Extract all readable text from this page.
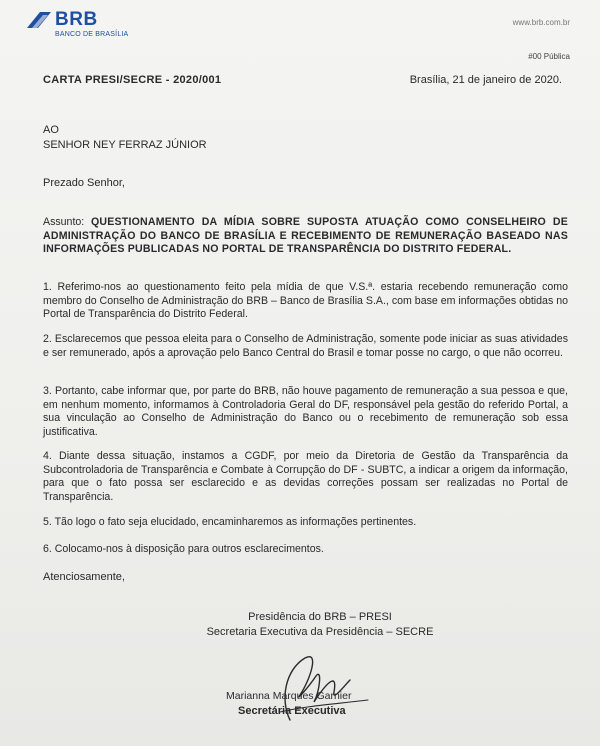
BRB
BANCO DE BRASÍLIA
www.brb.com.br
#00 Pública
CARTA PRESI/SECRE - 2020/001	Brasília, 21 de janeiro de 2020.
AO
SENHOR NEY FERRAZ JÚNIOR
Prezado Senhor,
Assunto: QUESTIONAMENTO DA MÍDIA SOBRE SUPOSTA ATUAÇÃO COMO CONSELHEIRO DE ADMINISTRAÇÃO DO BANCO DE BRASÍLIA E RECEBIMENTO DE REMUNERAÇÃO BASEADO NAS INFORMAÇÕES PUBLICADAS NO PORTAL DE TRANSPARÊNCIA DO DISTRITO FEDERAL.
1. Referimo-nos ao questionamento feito pela mídia de que V.S.ª. estaria recebendo remuneração como membro do Conselho de Administração do BRB – Banco de Brasília S.A., com base em informações obtidas no Portal de Transparência do Distrito Federal.
2. Esclarecemos que pessoa eleita para o Conselho de Administração, somente pode iniciar as suas atividades e ser remunerado, após a aprovação pelo Banco Central do Brasil e tomar posse no cargo, o que não ocorreu.
3. Portanto, cabe informar que, por parte do BRB, não houve pagamento de remuneração a sua pessoa e que, em nenhum momento, informamos à Controladoria Geral do DF, responsável pela gestão do referido Portal, a sua vinculação ao Conselho de Administração do Banco ou o recebimento de remuneração sob essa justificativa.
4. Diante dessa situação, instamos a CGDF, por meio da Diretoria de Gestão da Transparência da Subcontroladoria de Transparência e Combate à Corrupção do DF - SUBTC, a indicar a origem da informação, para que o fato possa ser esclarecido e as devidas correções possam ser realizadas no Portal de Transparência.
5. Tão logo o fato seja elucidado, encaminharemos as informações pertinentes.
6. Colocamo-nos à disposição para outros esclarecimentos.
Atenciosamente,
Presidência do BRB – PRESI
Secretaria Executiva da Presidência – SECRE
Marianna Marques Garnier
Secretária Executiva
